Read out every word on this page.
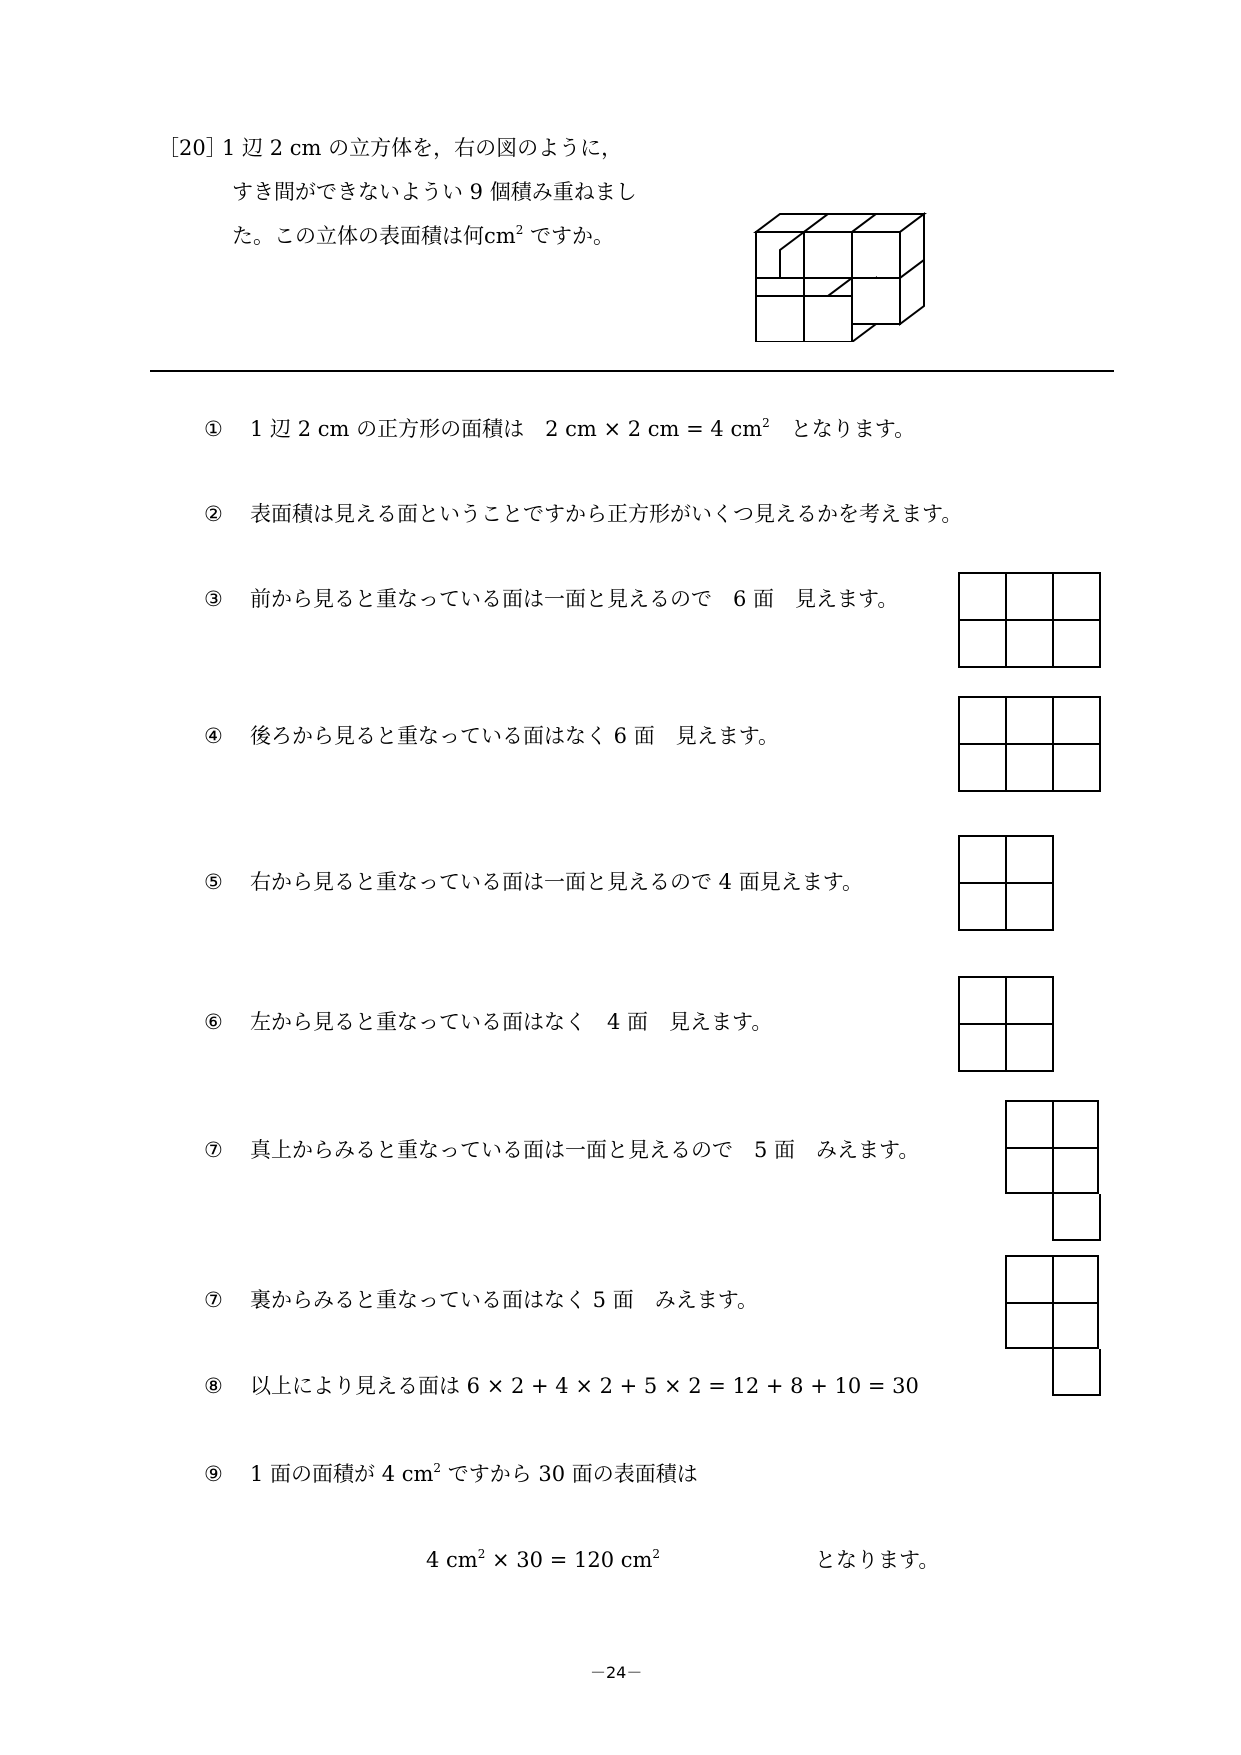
［20］
1 辺 2 cm の立方体を，右の図のように，
すき間ができないようい 9 個積み重ねまし
た。この立体の表面積は何$cm^2$ ですか。
① 1 辺 2 cm の正方形の面積は　2 cm × 2 cm = 4 $cm^2$　となります。
② 表面積は見える面ということですから正方形がいくつ見えるかを考えます。
③ 前から見ると重なっている面は一面と見えるので　6 面　見えます。
④ 後ろから見ると重なっている面はなく 6 面　見えます。
⑤ 右から見ると重なっている面は一面と見えるので 4 面見えます。
⑥ 左から見ると重なっている面はなく　4 面　見えます。
⑦ 真上からみると重なっている面は一面と見えるので　5 面　みえます。
⑦ 裏からみると重なっている面はなく 5 面　みえます。
⑧ 以上により見える面は 6 × 2 + 4 × 2 + 5 × 2 = 12 + 8 + 10 = 30
⑨ 1 面の面積が 4 $cm^2$ ですから 30 面の表面積は
4 $cm^2 \times 30 = 120$ $cm^2$	となります。
－24－
